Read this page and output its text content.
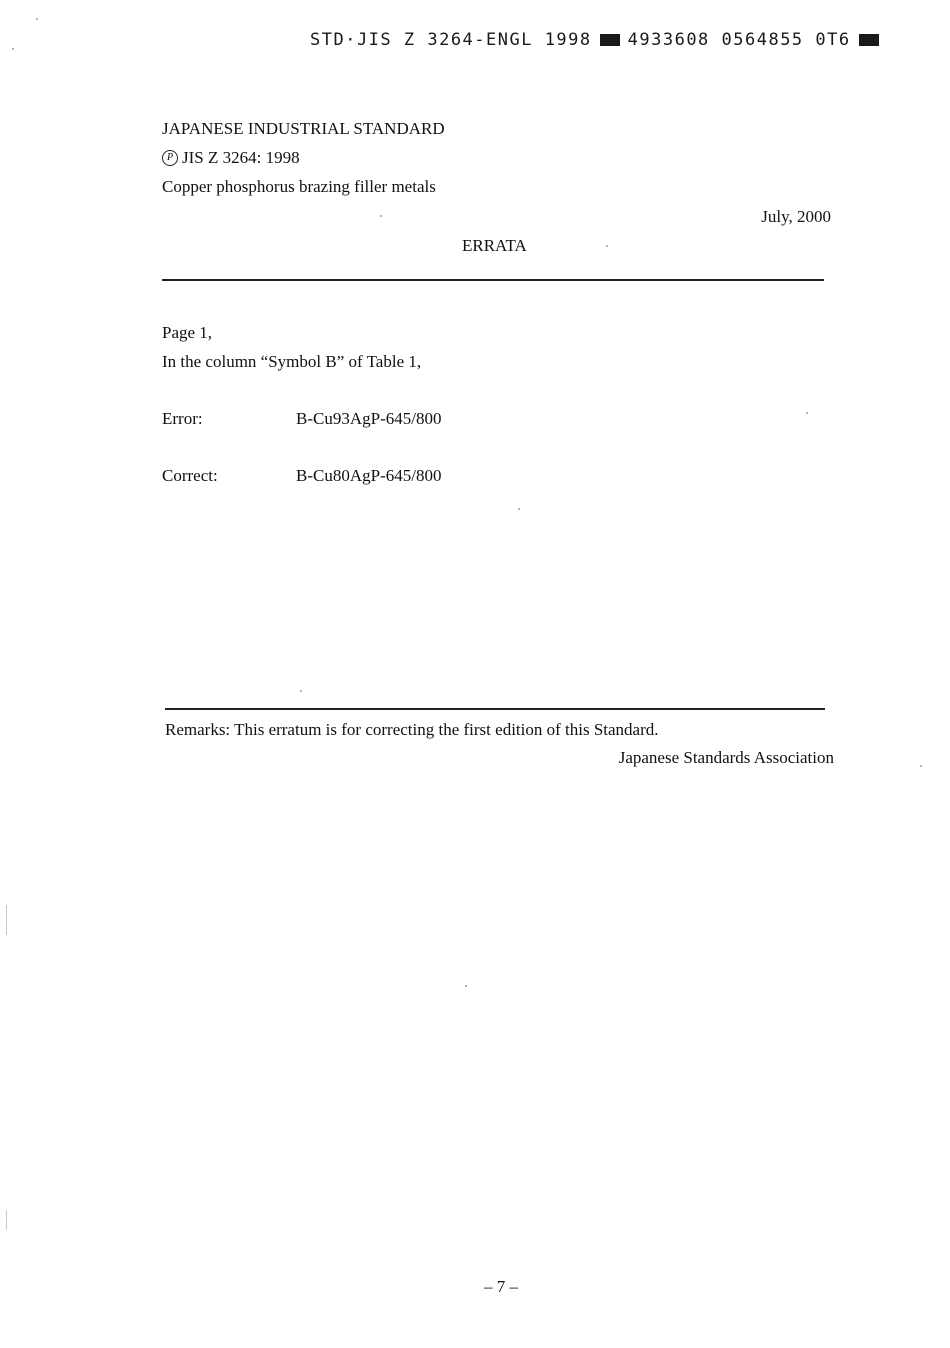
STD·JIS Z 3264-ENGL 1998 4933608 0564855 0T6
JAPANESE INDUSTRIAL STANDARD
P JIS Z 3264: 1998
Copper phosphorus brazing filler metals
July, 2000
ERRATA
Page 1,
In the column “Symbol B” of Table 1,
Error:	B-Cu93AgP-645/800
Correct:	B-Cu80AgP-645/800
Remarks: This erratum is for correcting the first edition of this Standard.
Japanese Standards Association
– 7 –
